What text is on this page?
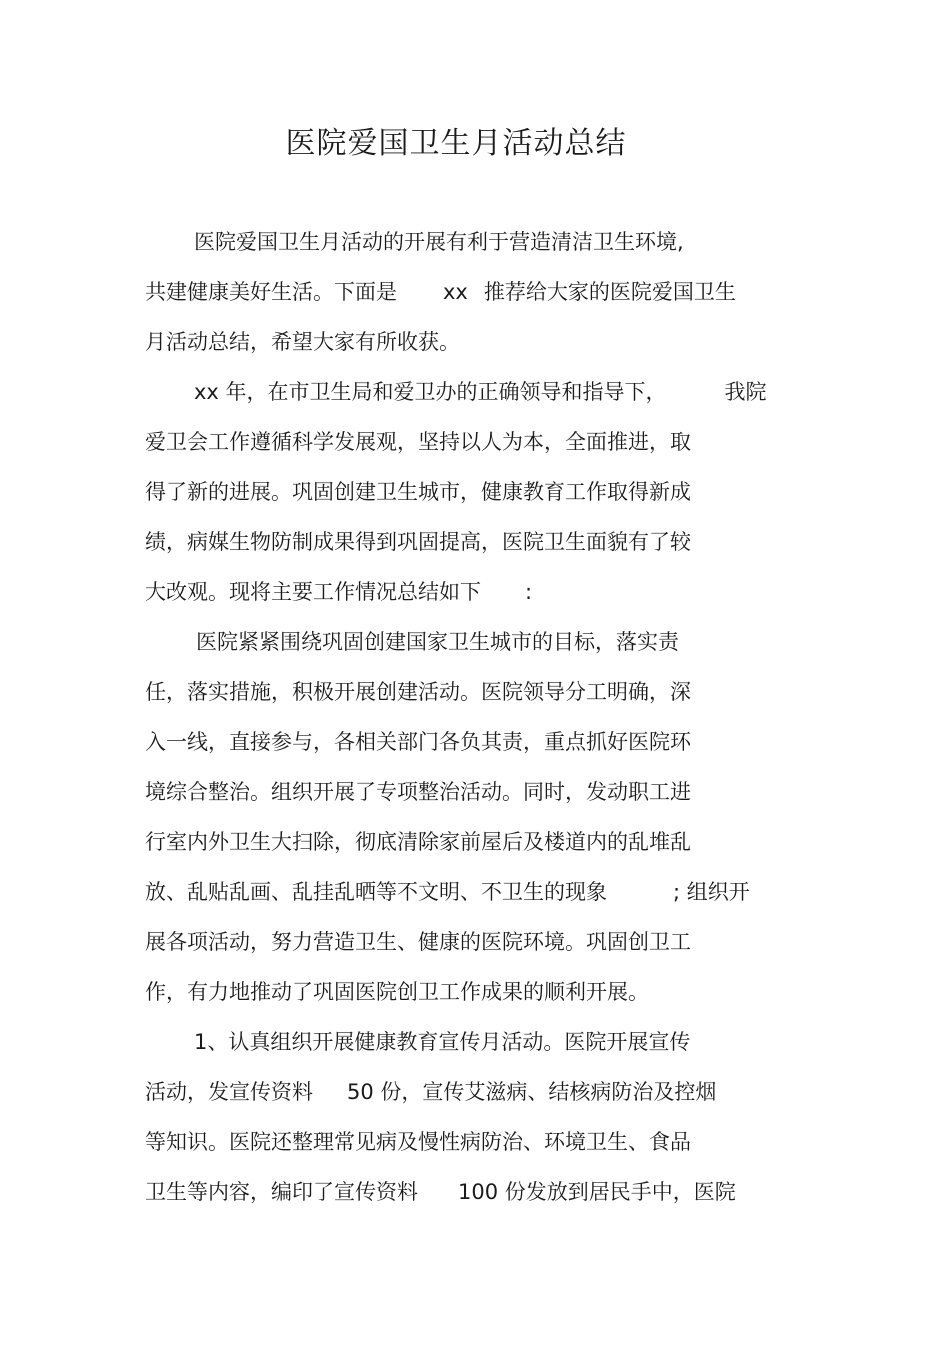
医院爱国卫生月活动总结
医院爱国卫生月活动的开展有利于营造清洁卫生环境,
共建健康美好生活。下面是 xx 推荐给大家的医院爱国卫生
月活动总结，希望大家有所收获。
xx 年，在市卫生局和爱卫办的正确领导和指导下，	我院
爱卫会工作遵循科学发展观，坚持以人为本，全面推进，取
得了新的进展。巩固创建卫生城市，健康教育工作取得新成
绩，病媒生物防制成果得到巩固提高，医院卫生面貌有了较
大改观。现将主要工作情况总结如下 :
医院紧紧围绕巩固创建国家卫生城市的目标，落实责
任，落实措施，积极开展创建活动。医院领导分工明确，深
入一线，直接参与，各相关部门各负其责，重点抓好医院环
境综合整治。组织开展了专项整治活动。同时，发动职工进
行室内外卫生大扫除，彻底清除家前屋后及楼道内的乱堆乱
放、乱贴乱画、乱挂乱晒等不文明、不卫生的现象	; 组织开
展各项活动，努力营造卫生、健康的医院环境。巩固创卫工
作，有力地推动了巩固医院创卫工作成果的顺利开展。
1、认真组织开展健康教育宣传月活动。医院开展宣传
活动，发宣传资料 50 份，宣传艾滋病、结核病防治及控烟
等知识。医院还整理常见病及慢性病防治、环境卫生、食品
卫生等内容，编印了宣传资料 100 份发放到居民手中，医院
